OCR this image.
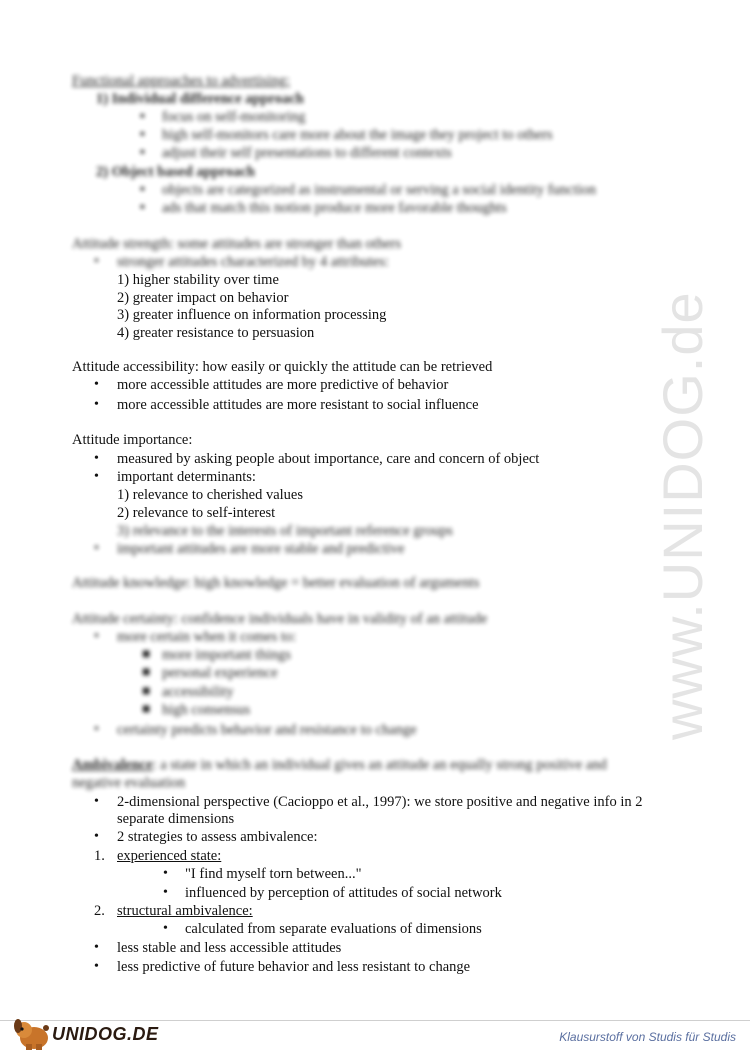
www.UNIDOG.de
Functional approaches to advertising:
1) Individual difference approach
▪ focus on self-monitoring
▪ high self-monitors care more about the image they project to others
▪ adjust their self presentations to different contexts
2) Object based approach
▪ objects are categorized as instrumental or serving a social identity function
▪ ads that match this notion produce more favorable thoughts
Attitude strength: some attitudes are stronger than others
• stronger attitudes characterized by 4 attributes:
1) higher stability over time
2) greater impact on behavior
3) greater influence on information processing
4) greater resistance to persuasion
Attitude accessibility: how easily or quickly the attitude can be retrieved
• more accessible attitudes are more predictive of behavior
• more accessible attitudes are more resistant to social influence
Attitude importance:
• measured by asking people about importance, care and concern of object
• important determinants:
1) relevance to cherished values
2) relevance to self-interest
3) relevance to the interests of important reference groups
• important attitudes are more stable and predictive
Attitude knowledge: high knowledge = better evaluation of arguments
Attitude certainty: confidence individuals have in validity of an attitude
• more certain when it comes to:
■ more important things
■ personal experience
■ accessibility
■ high consensus
• certainty predicts behavior and resistance to change
Ambivalence: a state in which an individual gives an attitude an equally strong positive and
negative evaluation
• 2-dimensional perspective (Cacioppo et al., 1997): we store positive and negative info in 2
separate dimensions
• 2 strategies to assess ambivalence:
1. experienced state:
• "I find myself torn between..."
• influenced by perception of attitudes of social network
2. structural ambivalence:
• calculated from separate evaluations of dimensions
• less stable and less accessible attitudes
• less predictive of future behavior and less resistant to change
UNIDOG.DE	Klausurstoff von Studis für Studis
